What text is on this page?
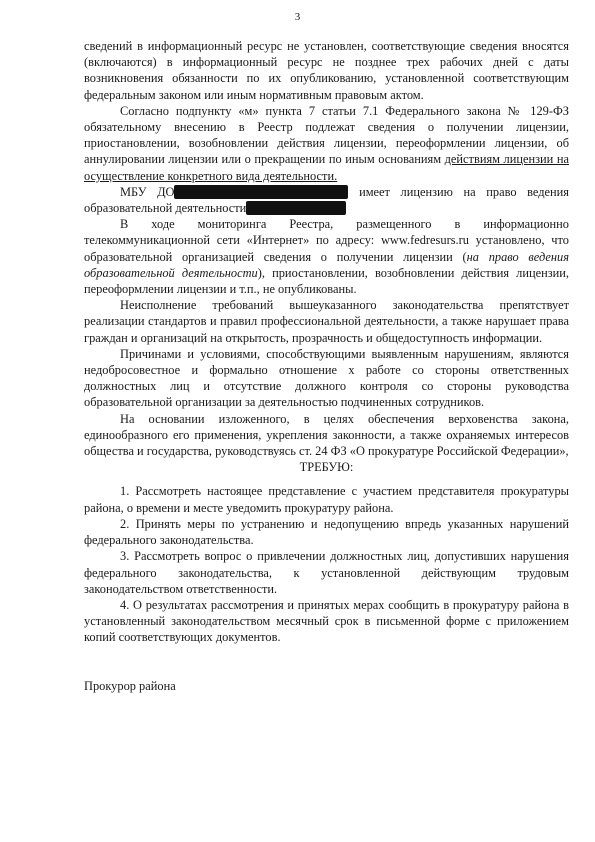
3

сведений в информационный ресурс не установлен, соответствующие сведения вносятся (включаются) в информационный ресурс не позднее трех рабочих дней с даты возникновения обязанности по их опубликованию, установленной соответствующим федеральным законом или иным нормативным правовым актом.

Согласно подпункту «м» пункта 7 статьи 7.1 Федерального закона № 129-ФЗ обязательному внесению в Реестр подлежат сведения о получении лицензии, приостановлении, возобновлении действия лицензии, переоформлении лицензии, об аннулировании лицензии или о прекращении по иным основаниям действиям лицензии на осуществление конкретного вида деятельности.

МБУ ДО	имеет лицензию на право ведения образовательной деятельности

В ходе мониторинга Реестра, размещенного в информационно телекоммуникационной сети «Интернет» по адресу: www.fedresurs.ru установлено, что образовательной организацией сведения о получении лицензии (на право ведения образовательной деятельности), приостановлении, возобновлении действия лицензии, переоформлении лицензии и т.п., не опубликованы.

Неисполнение требований вышеуказанного законодательства препятствует реализации стандартов и правил профессиональной деятельности, а также нарушает права граждан и организаций на открытость, прозрачность и общедоступность информации.

Причинами и условиями, способствующими выявленным нарушениям, являются недобросовестное и формально отношение х работе со стороны ответственных должностных лиц и отсутствие должного контроля со стороны руководства образовательной организации за деятельностью подчиненных сотрудников.

На основании изложенного, в целях обеспечения верховенства закона, единообразного его применения, укрепления законности, а также охраняемых интересов общества и государства, руководствуясь ст. 24 ФЗ «О прокуратуре Российской Федерации»,

ТРЕБУЮ:

1. Рассмотреть настоящее представление с участием представителя прокуратуры района, о времени и месте уведомить прокуратуру района.

2. Принять меры по устранению и недопущению впредь указанных нарушений федерального законодательства.

3. Рассмотреть вопрос о привлечении должностных лиц, допустивших нарушения федерального законодательства, к установленной действующим трудовым законодательством ответственности.

4. О результатах рассмотрения и принятых мерах сообщить в прокуратуру района в установленный законодательством месячный срок в письменной форме с приложением копий соответствующих документов.

Прокурор района
